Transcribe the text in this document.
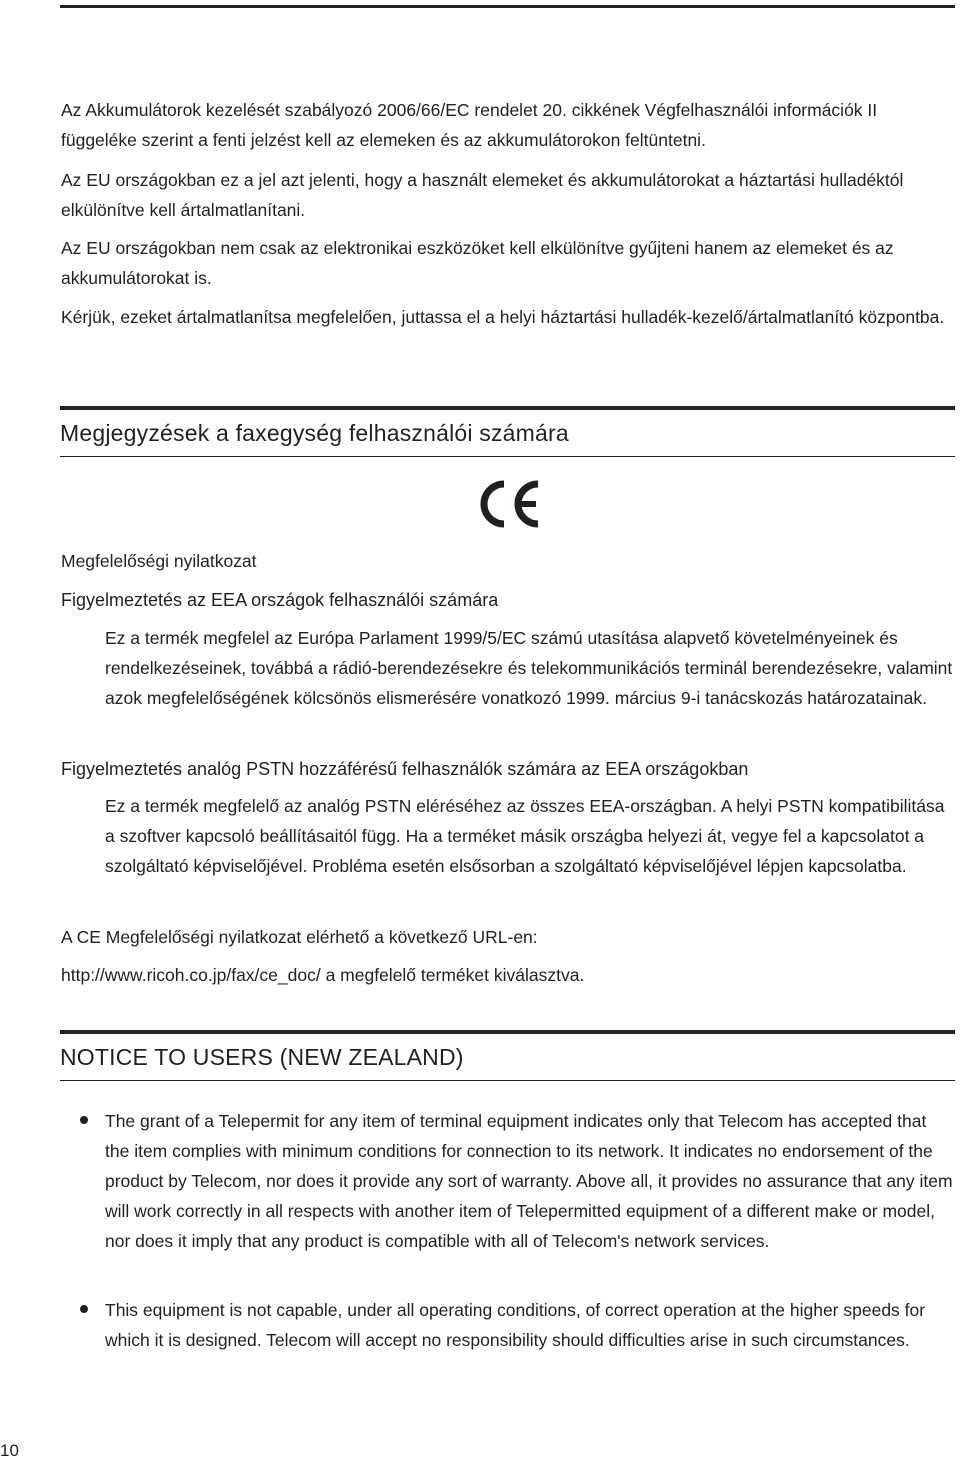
Az Akkumulátorok kezelését szabályozó 2006/66/EC rendelet 20. cikkének Végfelhasználói információk II függeléke szerint a fenti jelzést kell az elemeken és az akkumulátorokon feltüntetni.

Az EU országokban ez a jel azt jelenti, hogy a használt elemeket és akkumulátorokat a háztartási hulladéktól elkülönítve kell ártalmatlanítani.

Az EU országokban nem csak az elektronikai eszközöket kell elkülönítve gyűjteni hanem az elemeket és az akkumulátorokat is.

Kérjük, ezeket ártalmatlanítsa megfelelően, juttassa el a helyi háztartási hulladék-kezelő/ártalmatlanító központba.

Megjegyzések a faxegység felhasználói számára

Megfelelőségi nyilatkozat

Figyelmeztetés az EEA országok felhasználói számára

Ez a termék megfelel az Európa Parlament 1999/5/EC számú utasítása alapvető követelményeinek és rendelkezéseinek, továbbá a rádió-berendezésekre és telekommunikációs terminál berendezésekre, valamint azok megfelelőségének kölcsönös elismerésére vonatkozó 1999. március 9-i tanácskozás határozatainak.

Figyelmeztetés analóg PSTN hozzáférésű felhasználók számára az EEA országokban

Ez a termék megfelelő az analóg PSTN eléréséhez az összes EEA-országban. A helyi PSTN kompatibilitása a szoftver kapcsoló beállításaitól függ. Ha a terméket másik országba helyezi át, vegye fel a kapcsolatot a szolgáltató képviselőjével. Probléma esetén elsősorban a szolgáltató képviselőjével lépjen kapcsolatba.

A CE Megfelelőségi nyilatkozat elérhető a következő URL-en:

http://www.ricoh.co.jp/fax/ce_doc/ a megfelelő terméket kiválasztva.

NOTICE TO USERS (NEW ZEALAND)

The grant of a Telepermit for any item of terminal equipment indicates only that Telecom has accepted that the item complies with minimum conditions for connection to its network. It indicates no endorsement of the product by Telecom, nor does it provide any sort of warranty. Above all, it provides no assurance that any item will work correctly in all respects with another item of Telepermitted equipment of a different make or model, nor does it imply that any product is compatible with all of Telecom's network services.

This equipment is not capable, under all operating conditions, of correct operation at the higher speeds for which it is designed. Telecom will accept no responsibility should difficulties arise in such circumstances.

10
